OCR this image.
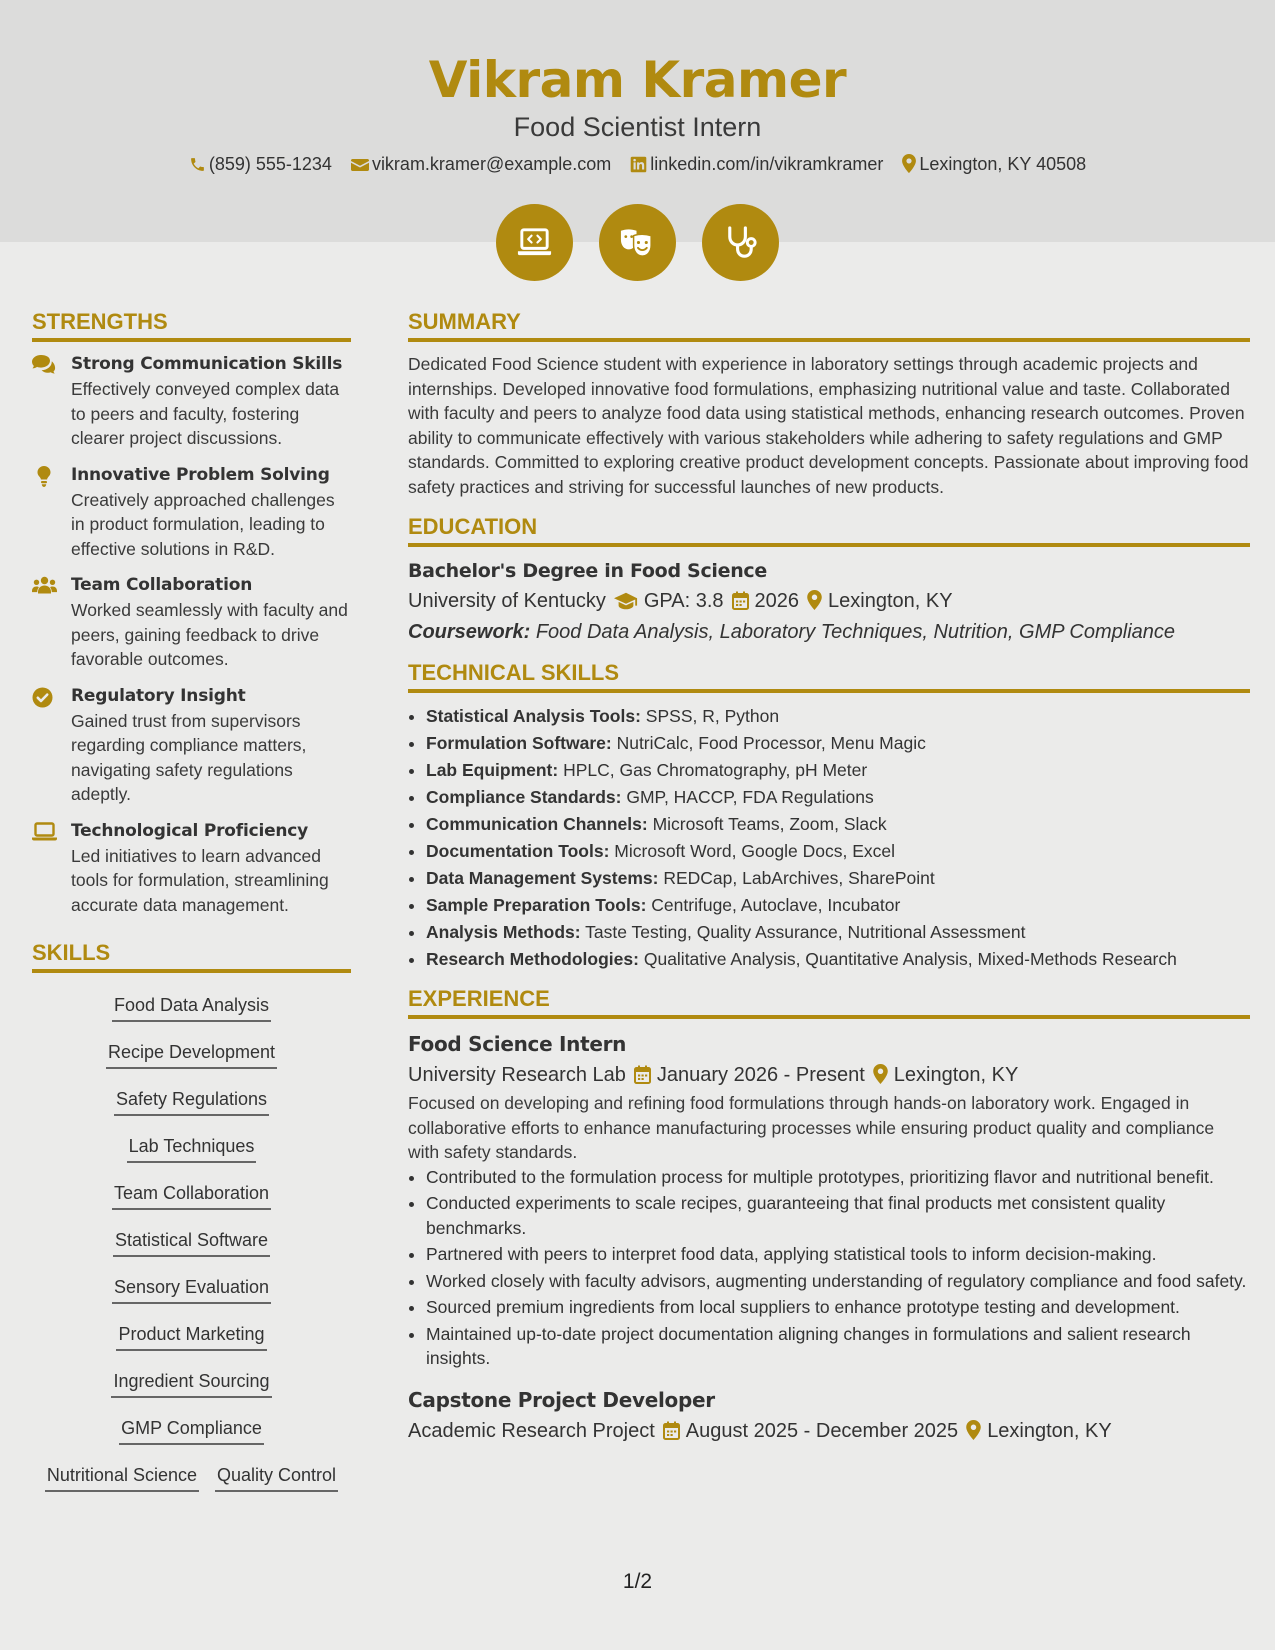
Vikram Kramer
Food Scientist Intern
(859) 555-1234 vikram.kramer@example.com linkedin.com/in/vikramkramer Lexington, KY 40508

STRENGTHS
Strong Communication Skills
Effectively conveyed complex data to peers and faculty, fostering clearer project discussions.
Innovative Problem Solving
Creatively approached challenges in product formulation, leading to effective solutions in R&D.
Team Collaboration
Worked seamlessly with faculty and peers, gaining feedback to drive favorable outcomes.
Regulatory Insight
Gained trust from supervisors regarding compliance matters, navigating safety regulations adeptly.
Technological Proficiency
Led initiatives to learn advanced tools for formulation, streamlining accurate data management.
SKILLS
Food Data Analysis
Recipe Development
Safety Regulations
Lab Techniques
Team Collaboration
Statistical Software
Sensory Evaluation
Product Marketing
Ingredient Sourcing
GMP Compliance
Nutritional Science Quality Control
SUMMARY
Dedicated Food Science student with experience in laboratory settings through academic projects and internships. Developed innovative food formulations, emphasizing nutritional value and taste. Collaborated with faculty and peers to analyze food data using statistical methods, enhancing research outcomes. Proven ability to communicate effectively with various stakeholders while adhering to safety regulations and GMP standards. Committed to exploring creative product development concepts. Passionate about improving food safety practices and striving for successful launches of new products.
EDUCATION
Bachelor's Degree in Food Science
University of Kentucky GPA: 3.8 2026 Lexington, KY
Coursework: Food Data Analysis, Laboratory Techniques, Nutrition, GMP Compliance
TECHNICAL SKILLS
• Statistical Analysis Tools: SPSS, R, Python
• Formulation Software: NutriCalc, Food Processor, Menu Magic
• Lab Equipment: HPLC, Gas Chromatography, pH Meter
• Compliance Standards: GMP, HACCP, FDA Regulations
• Communication Channels: Microsoft Teams, Zoom, Slack
• Documentation Tools: Microsoft Word, Google Docs, Excel
• Data Management Systems: REDCap, LabArchives, SharePoint
• Sample Preparation Tools: Centrifuge, Autoclave, Incubator
• Analysis Methods: Taste Testing, Quality Assurance, Nutritional Assessment
• Research Methodologies: Qualitative Analysis, Quantitative Analysis, Mixed-Methods Research
EXPERIENCE
Food Science Intern
University Research Lab January 2026 - Present Lexington, KY
Focused on developing and refining food formulations through hands-on laboratory work. Engaged in collaborative efforts to enhance manufacturing processes while ensuring product quality and compliance with safety standards.
• Contributed to the formulation process for multiple prototypes, prioritizing flavor and nutritional benefit.
• Conducted experiments to scale recipes, guaranteeing that final products met consistent quality benchmarks.
• Partnered with peers to interpret food data, applying statistical tools to inform decision-making.
• Worked closely with faculty advisors, augmenting understanding of regulatory compliance and food safety.
• Sourced premium ingredients from local suppliers to enhance prototype testing and development.
• Maintained up-to-date project documentation aligning changes in formulations and salient research insights.
Capstone Project Developer
Academic Research Project August 2025 - December 2025 Lexington, KY
1/2
